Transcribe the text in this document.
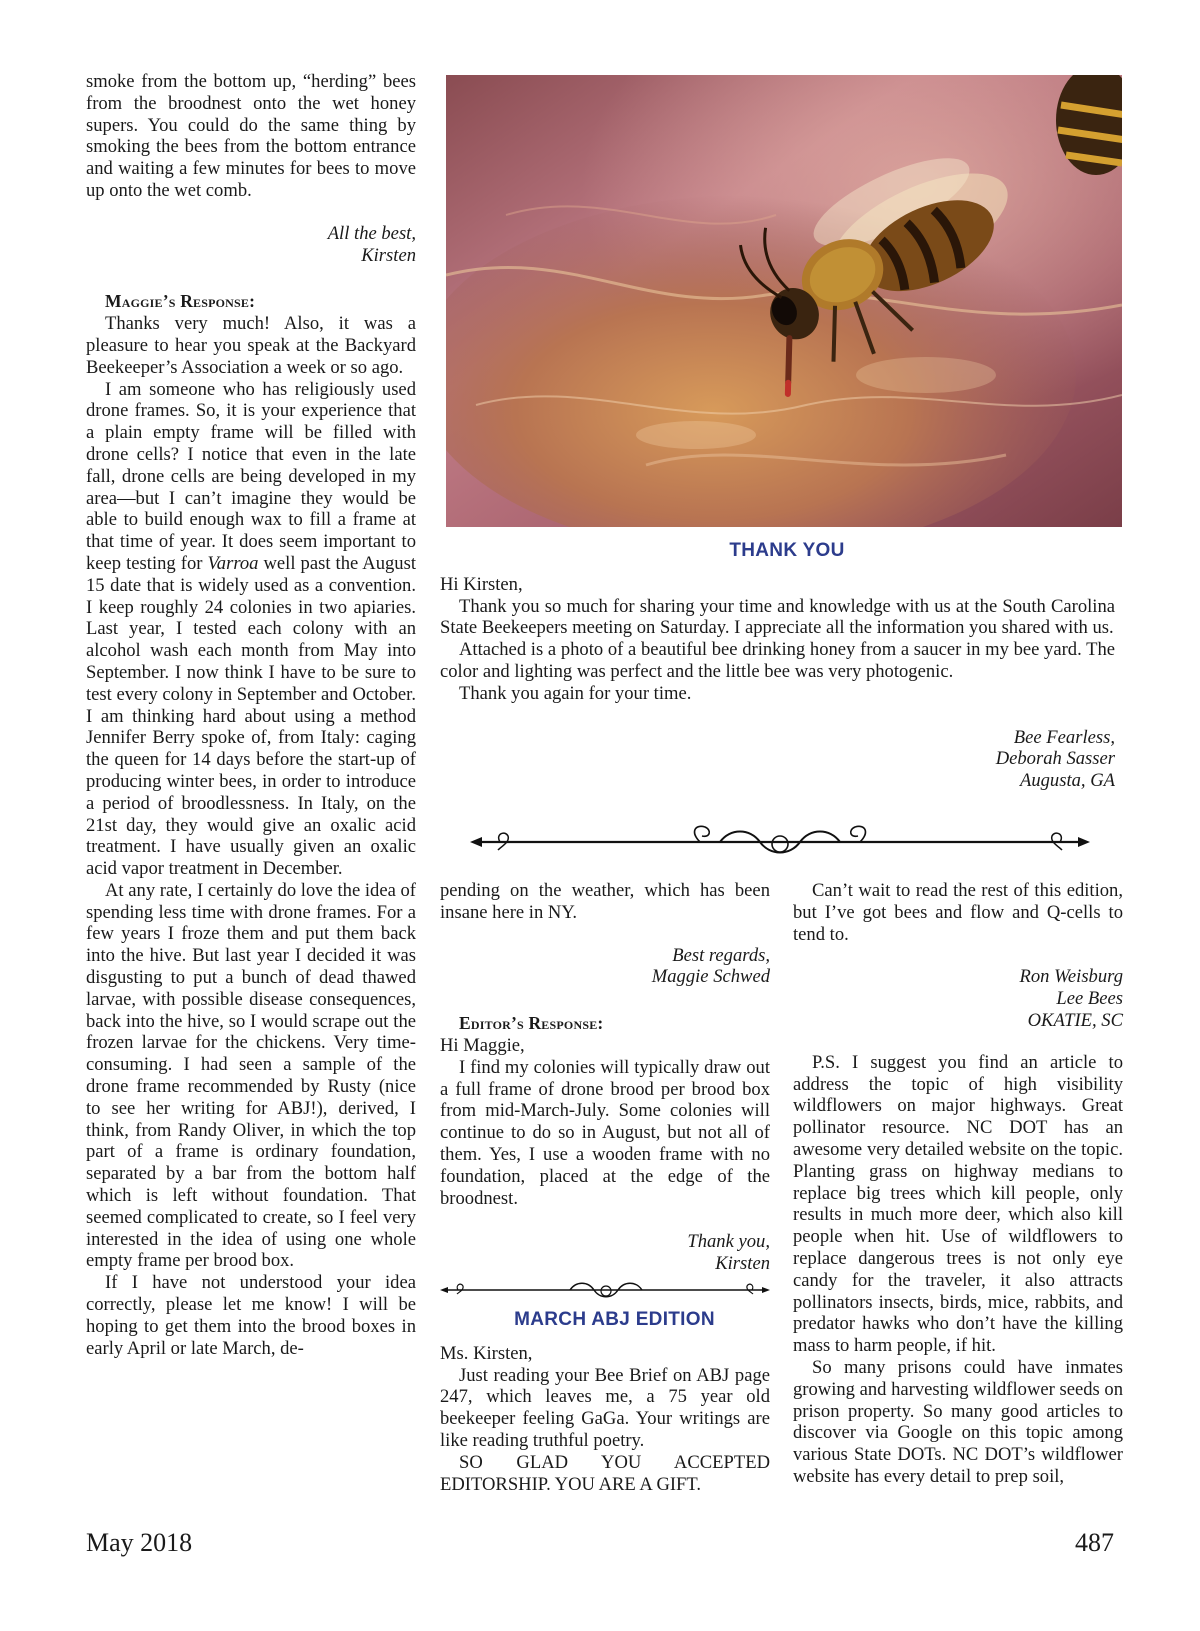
smoke from the bottom up, “herding” bees from the broodnest onto the wet honey supers. You could do the same thing by smoking the bees from the bottom entrance and waiting a few minutes for bees to move up onto the wet comb.

All the best,

Kirsten

Maggie’s Response:

Thanks very much! Also, it was a pleasure to hear you speak at the Backyard Beekeeper’s Association a week or so ago.

I am someone who has religiously used drone frames. So, it is your experience that a plain empty frame will be filled with drone cells? I notice that even in the late fall, drone cells are being developed in my area—but I can’t imagine they would be able to build enough wax to fill a frame at that time of year. It does seem important to keep testing for Varroa well past the August 15 date that is widely used as a convention. I keep roughly 24 colonies in two apiaries. Last year, I tested each colony with an alcohol wash each month from May into September. I now think I have to be sure to test every colony in September and October. I am thinking hard about using a method Jennifer Berry spoke of, from Italy: caging the queen for 14 days before the start-up of producing winter bees, in order to introduce a period of broodlessness. In Italy, on the 21st day, they would give an oxalic acid treatment. I have usually given an oxalic acid vapor treatment in December.

At any rate, I certainly do love the idea of spending less time with drone frames. For a few years I froze them and put them back into the hive. But last year I decided it was disgusting to put a bunch of dead thawed larvae, with possible disease consequences, back into the hive, so I would scrape out the frozen larvae for the chickens. Very time-consuming. I had seen a sample of the drone frame recommended by Rusty (nice to see her writing for ABJ!), derived, I think, from Randy Oliver, in which the top part of a frame is ordinary foundation, separated by a bar from the bottom half which is left without foundation. That seemed complicated to create, so I feel very interested in the idea of using one whole empty frame per brood box.

If I have not understood your idea correctly, please let me know! I will be hoping to get them into the brood boxes in early April or late March, de-

THANK YOU

Hi Kirsten,

Thank you so much for sharing your time and knowledge with us at the South Carolina State Beekeepers meeting on Saturday. I appreciate all the information you shared with us.

Attached is a photo of a beautiful bee drinking honey from a saucer in my bee yard. The color and lighting was perfect and the little bee was very photogenic.

Thank you again for your time.

Bee Fearless,

Deborah Sasser

Augusta, GA

pending on the weather, which has been insane here in NY.

Best regards,

Maggie Schwed

Editor’s Response:

Hi Maggie,

I find my colonies will typically draw out a full frame of drone brood per brood box from mid-March-July. Some colonies will continue to do so in August, but not all of them. Yes, I use a wooden frame with no foundation, placed at the edge of the broodnest.

Thank you,

Kirsten

MARCH ABJ EDITION

Ms. Kirsten,

Just reading your Bee Brief on ABJ page 247, which leaves me, a 75 year old beekeeper feeling GaGa. Your writings are like reading truthful poetry.

SO GLAD YOU ACCEPTED EDITORSHIP. YOU ARE A GIFT.

Can’t wait to read the rest of this edition, but I’ve got bees and flow and Q-cells to tend to.

Ron Weisburg

Lee Bees

OKATIE, SC

P.S. I suggest you find an article to address the topic of high visibility wildflowers on major highways. Great pollinator resource. NC DOT has an awesome very detailed website on the topic. Planting grass on highway medians to replace big trees which kill people, only results in much more deer, which also kill people when hit. Use of wildflowers to replace dangerous trees is not only eye candy for the traveler, it also attracts pollinators insects, birds, mice, rabbits, and predator hawks who don’t have the killing mass to harm people, if hit.

So many prisons could have inmates growing and harvesting wildflower seeds on prison property. So many good articles to discover via Google on this topic among various State DOTs. NC DOT’s wildflower website has every detail to prep soil,

May 2018	487
